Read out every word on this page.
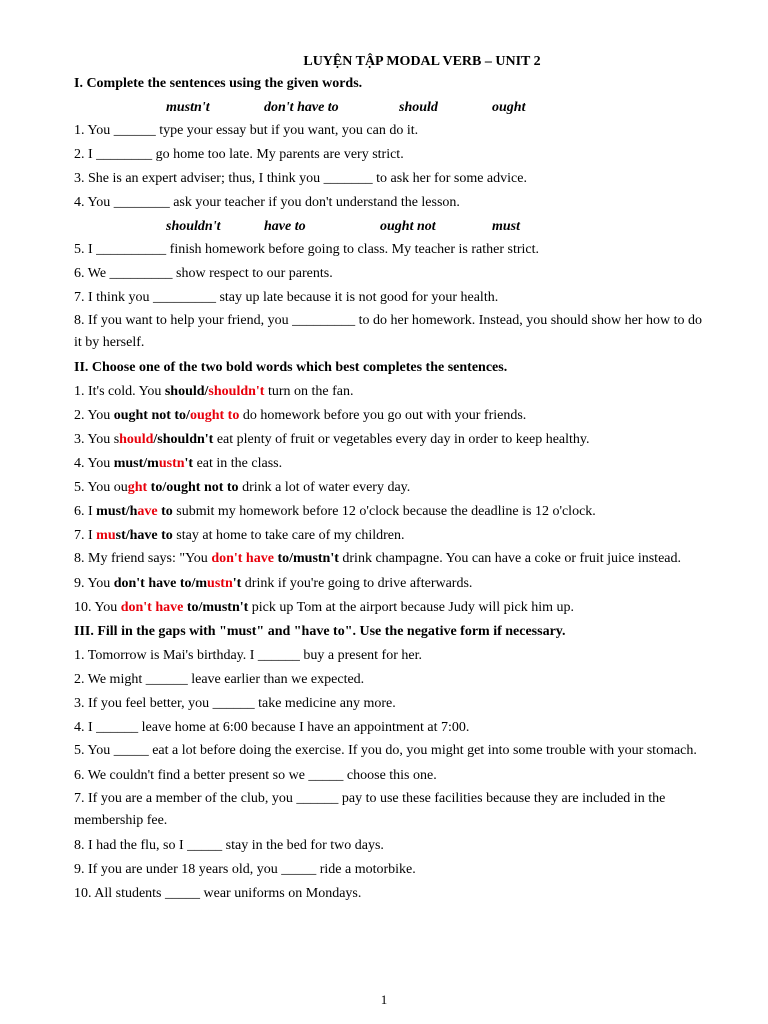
LUYỆN TẬP MODAL VERB – UNIT 2
I. Complete the sentences using the given words.
mustn't	don't have to	should	ought
1. You ______ type your essay but if you want, you can do it.
2. I ________ go home too late. My parents are very strict.
3. She is an expert adviser; thus, I think you _______ to ask her for some advice.
4. You ________ ask your teacher if you don't understand the lesson.
shouldn't	have to	ought not	must
5. I __________ finish homework before going to class. My teacher is rather strict.
6. We _________ show respect to our parents.
7. I think you _________ stay up late because it is not good for your health.
8. If you want to help your friend, you _________ to do her homework. Instead, you should show her how to do it by herself.
II. Choose one of the two bold words which best completes the sentences.
1. It's cold. You should/shouldn't turn on the fan.
2. You ought not to/ought to do homework before you go out with your friends.
3. You should/shouldn't eat plenty of fruit or vegetables every day in order to keep healthy.
4. You must/mustn't eat in the class.
5. You ought to/ought not to drink a lot of water every day.
6. I must/have to submit my homework before 12 o'clock because the deadline is 12 o'clock.
7. I must/have to stay at home to take care of my children.
8. My friend says: "You don't have to/mustn't drink champagne. You can have a coke or fruit juice instead.
9. You don't have to/mustn't drink if you're going to drive afterwards.
10. You don't have to/mustn't pick up Tom at the airport because Judy will pick him up.
III. Fill in the gaps with "must" and "have to". Use the negative form if necessary.
1. Tomorrow is Mai's birthday. I ______ buy a present for her.
2. We might ______ leave earlier than we expected.
3. If you feel better, you ______ take medicine any more.
4. I ______ leave home at 6:00 because I have an appointment at 7:00.
5. You _____ eat a lot before doing the exercise. If you do, you might get into some trouble with your stomach.
6. We couldn't find a better present so we _____ choose this one.
7. If you are a member of the club, you ______ pay to use these facilities because they are included in the membership fee.
8. I had the flu, so I _____ stay in the bed for two days.
9. If you are under 18 years old, you _____ ride a motorbike.
10. All students _____ wear uniforms on Mondays.
1
